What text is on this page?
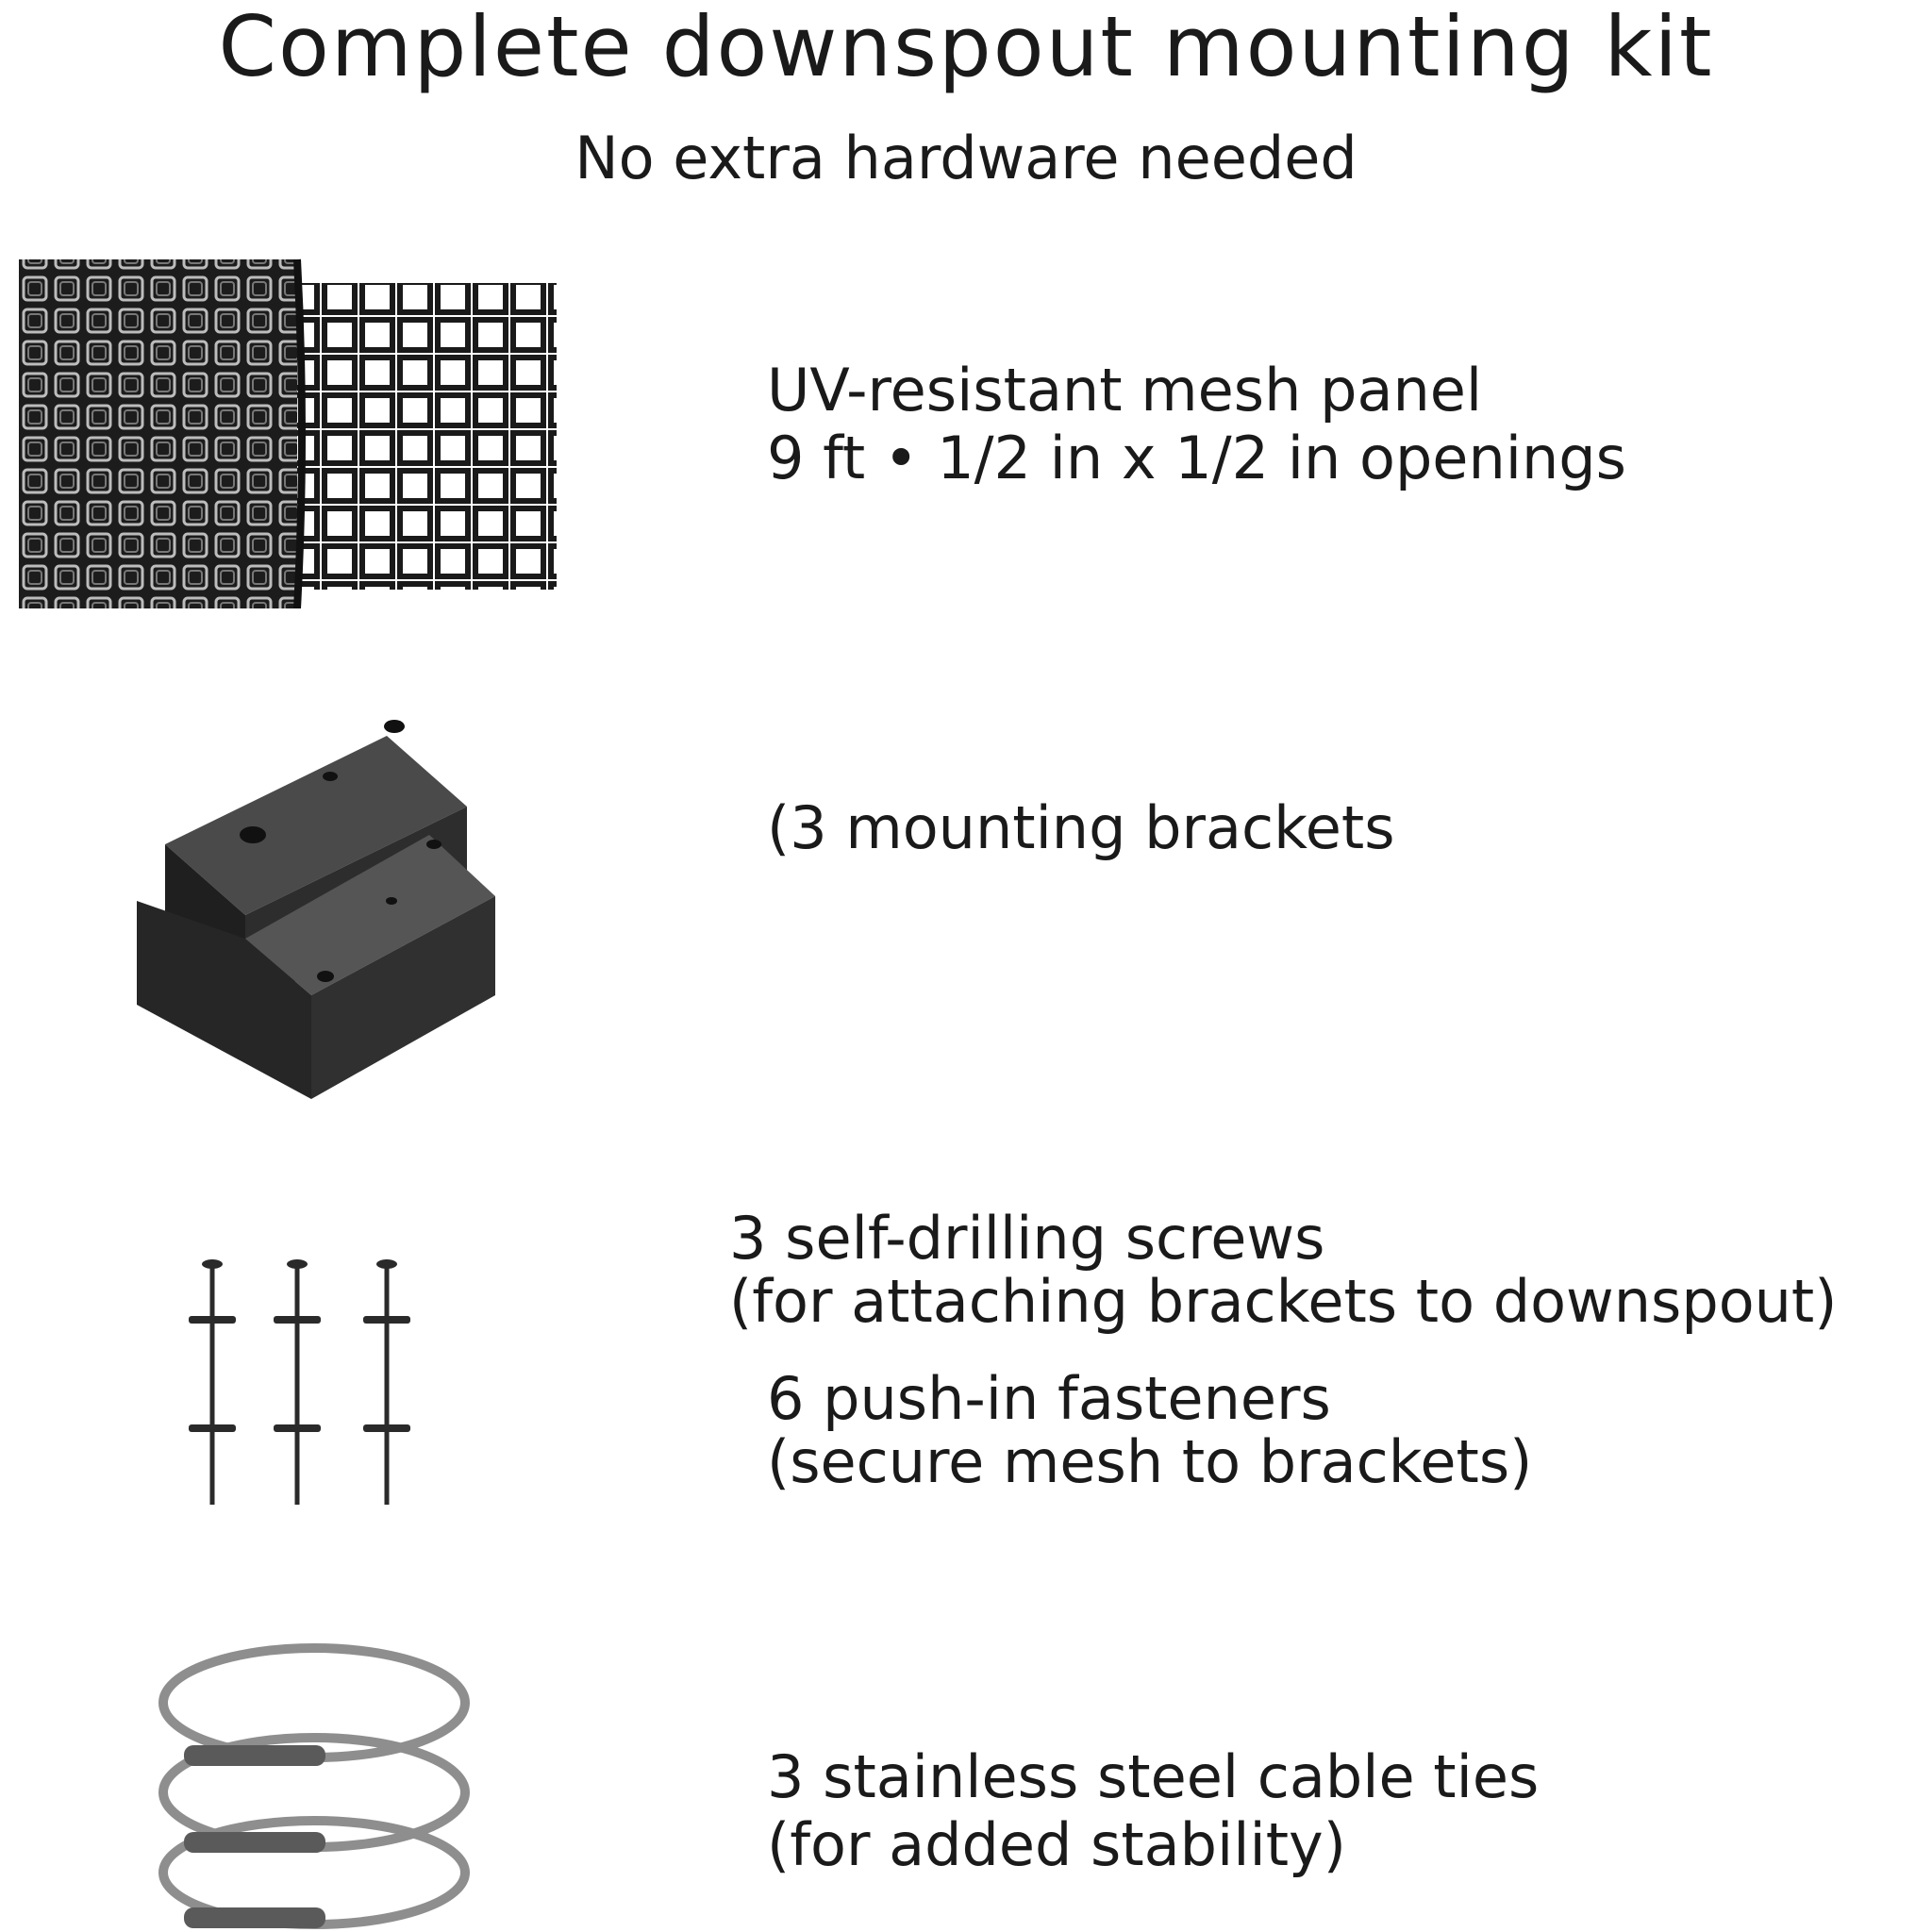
Complete downspout mounting kit
No extra hardware needed
UV-resistant mesh panel
9 ft • 1/2 in x 1/2 in openings
(3 mounting brackets
3 self-drilling screws
(for attaching brackets to downspout)
6 push-in fasteners
(secure mesh to brackets)
3 stainless steel cable ties
(for added stability)
